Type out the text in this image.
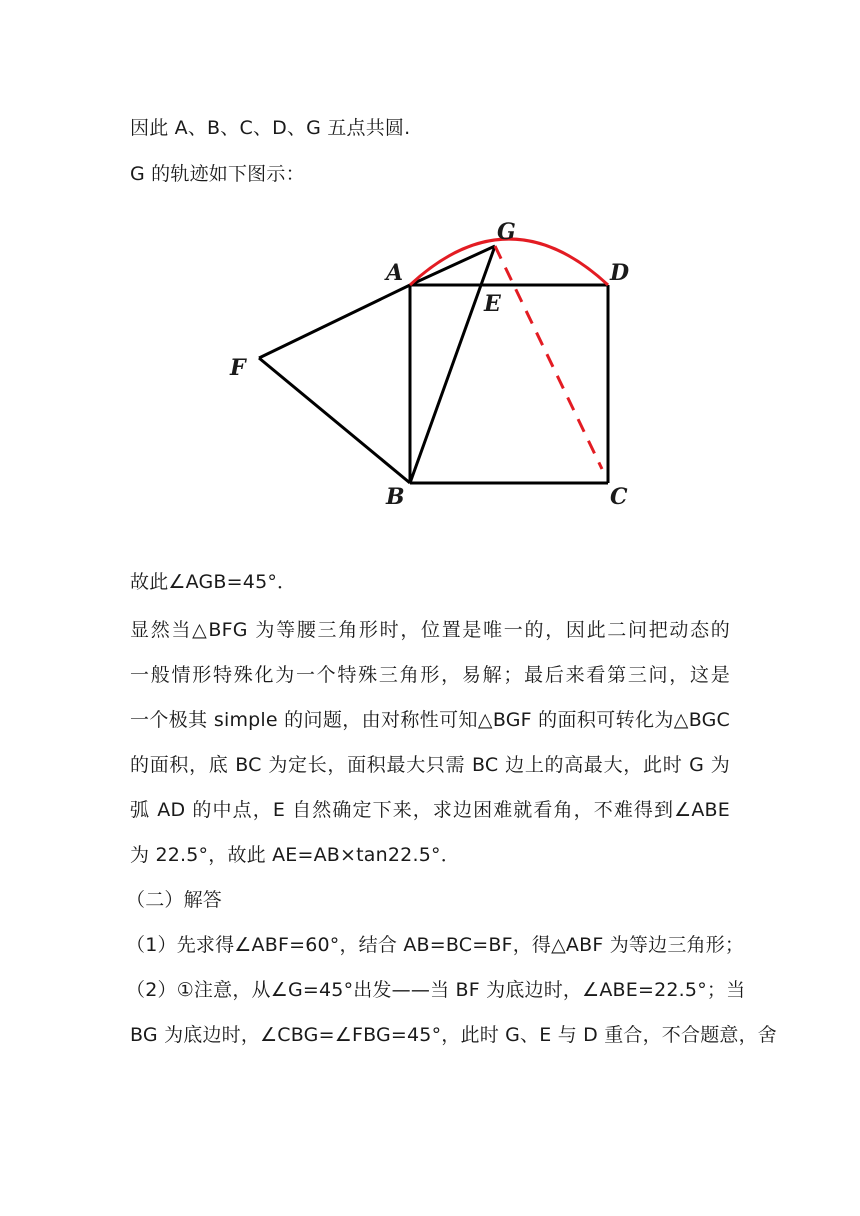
因此 A、B、C、D、G 五点共圆.
G 的轨迹如下图示：
G
A	D
E
F
B	C
故此∠AGB=45°．
显然当△BFG 为等腰三角形时，位置是唯一的，因此二问把动态的
一般情形特殊化为一个特殊三角形，易解；最后来看第三问，这是
一个极其 simple 的问题，由对称性可知△BGF 的面积可转化为△BGC
的面积，底 BC 为定长，面积最大只需 BC 边上的高最大，此时 G 为
弧 AD 的中点，E 自然确定下来，求边困难就看角，不难得到∠ABE
为 22.5°，故此 AE=AB×tan22.5°．
（二）解答
（1）先求得∠ABF=60°，结合 AB=BC=BF，得△ABF 为等边三角形；
（2）①注意，从∠G=45°出发——当 BF 为底边时，∠ABE=22.5°；当
BG 为底边时，∠CBG=∠FBG=45°，此时 G、E 与 D 重合，不合题意，舍
